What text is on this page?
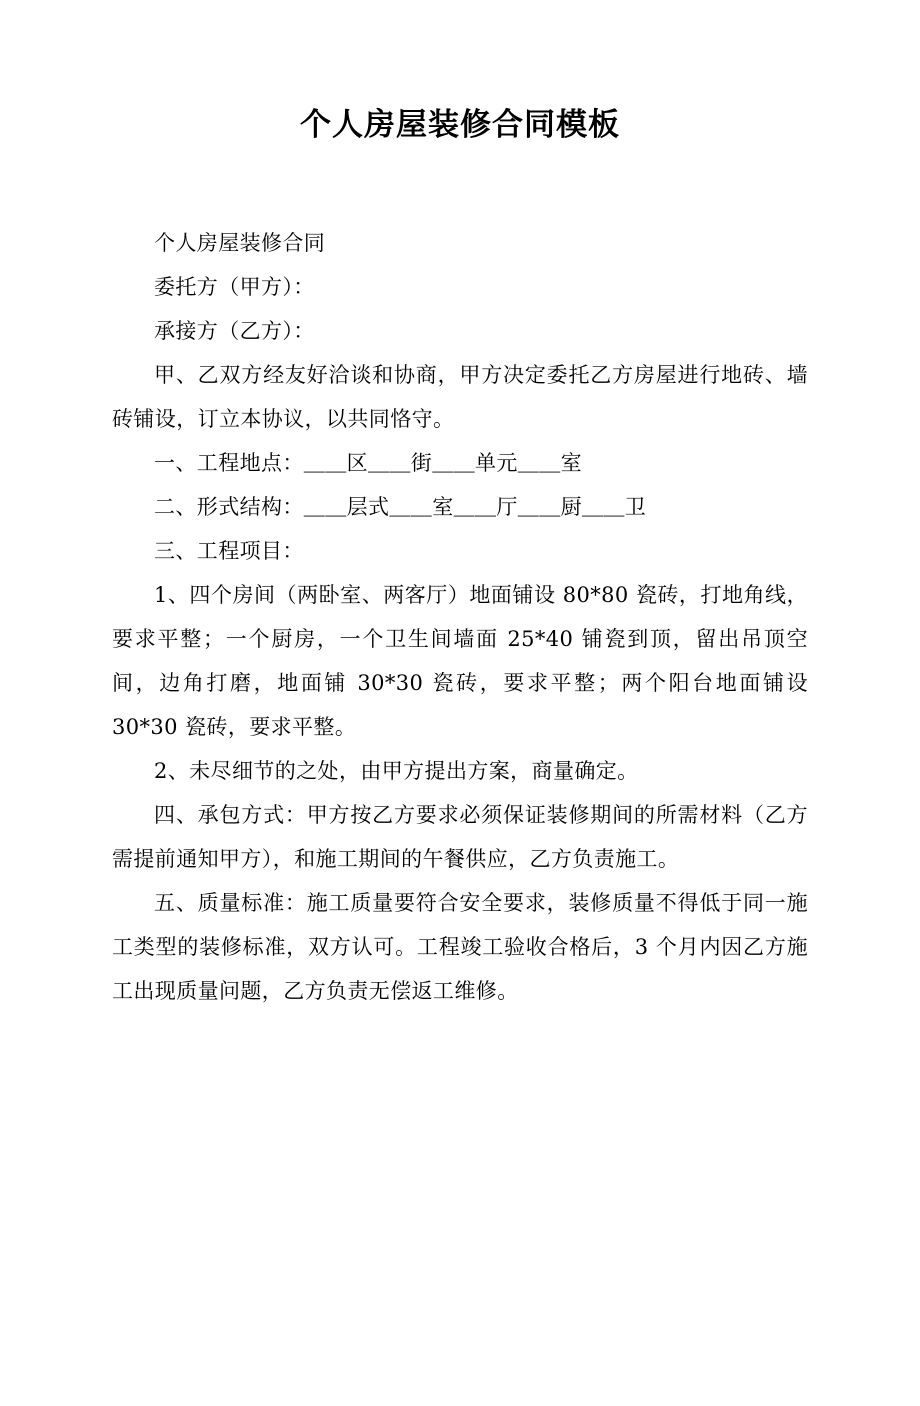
个人房屋装修合同模板

个人房屋装修合同

委托方（甲方）：

承接方（乙方）：

甲、乙双方经友好洽谈和协商，甲方决定委托乙方房屋进行地砖、墙砖铺设，订立本协议，以共同恪守。

一、工程地点：＿＿区＿＿街＿＿单元＿＿室

二、形式结构：＿＿层式＿＿室＿＿厅＿＿厨＿＿卫

三、工程项目：

1、四个房间（两卧室、两客厅）地面铺设 80*80 瓷砖，打地角线，要求平整；一个厨房，一个卫生间墙面 25*40 铺瓷到顶，留出吊顶空间，边角打磨，地面铺 30*30 瓷砖，要求平整；两个阳台地面铺设 30*30 瓷砖，要求平整。

2、未尽细节的之处，由甲方提出方案，商量确定。

四、承包方式：甲方按乙方要求必须保证装修期间的所需材料（乙方需提前通知甲方），和施工期间的午餐供应，乙方负责施工。

五、质量标准：施工质量要符合安全要求，装修质量不得低于同一施工类型的装修标准，双方认可。工程竣工验收合格后，3 个月内因乙方施工出现质量问题，乙方负责无偿返工维修。
